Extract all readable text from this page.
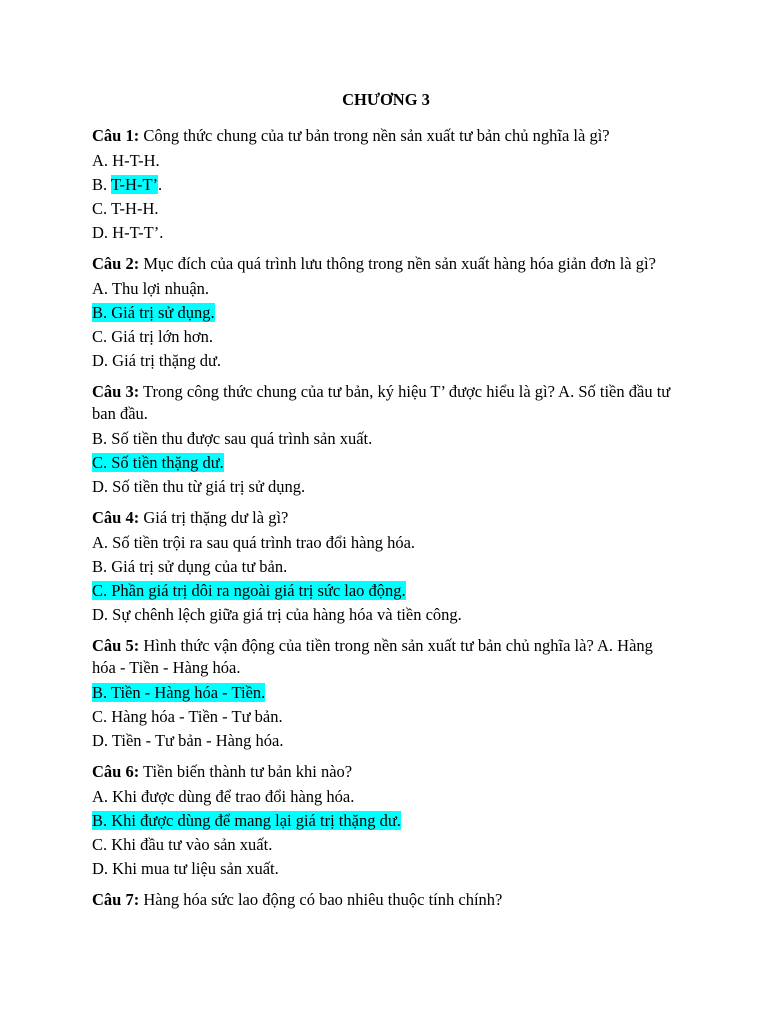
CHƯƠNG 3
Câu 1: Công thức chung của tư bản trong nền sản xuất tư bản chủ nghĩa là gì?
A. H-T-H.
B. T-H-T’.
C. T-H-H.
D. H-T-T’.
Câu 2: Mục đích của quá trình lưu thông trong nền sản xuất hàng hóa giản đơn là gì?
A. Thu lợi nhuận.
B. Giá trị sử dụng.
C. Giá trị lớn hơn.
D. Giá trị thặng dư.
Câu 3: Trong công thức chung của tư bản, ký hiệu T’ được hiểu là gì? A. Số tiền đầu tư ban đầu.
B. Số tiền thu được sau quá trình sản xuất.
C. Số tiền thặng dư.
D. Số tiền thu từ giá trị sử dụng.
Câu 4: Giá trị thặng dư là gì?
A. Số tiền trội ra sau quá trình trao đổi hàng hóa.
B. Giá trị sử dụng của tư bản.
C. Phần giá trị dôi ra ngoài giá trị sức lao động.
D. Sự chênh lệch giữa giá trị của hàng hóa và tiền công.
Câu 5: Hình thức vận động của tiền trong nền sản xuất tư bản chủ nghĩa là? A. Hàng hóa - Tiền - Hàng hóa.
B. Tiền - Hàng hóa - Tiền.
C. Hàng hóa - Tiền - Tư bản.
D. Tiền - Tư bản - Hàng hóa.
Câu 6: Tiền biến thành tư bản khi nào?
A. Khi được dùng để trao đổi hàng hóa.
B. Khi được dùng để mang lại giá trị thặng dư.
C. Khi đầu tư vào sản xuất.
D. Khi mua tư liệu sản xuất.
Câu 7: Hàng hóa sức lao động có bao nhiêu thuộc tính chính?
